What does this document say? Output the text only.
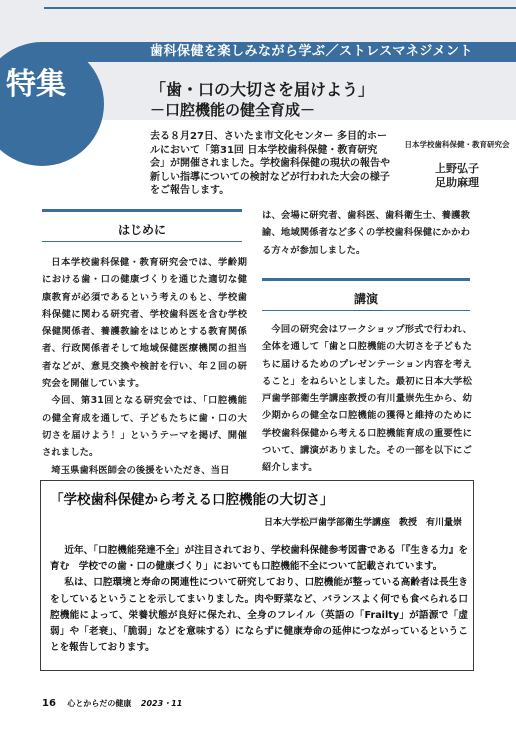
歯科保健を楽しみながら学ぶ／ストレスマネジメント
特集	「歯・口の大切さを届けよう」
－口腔機能の健全育成－
去る８月27日、さいたま市文化センター 多目的ホールにおいて「第31回 日本学校歯科保健・教育研究会」が開催されました。学校歯科保健の現状の報告や新しい指導についての検討などが行われた大会の様子をご報告します。
日本学校歯科保健・教育研究会
上野弘子
足助麻理
はじめに

日本学校歯科保健・教育研究会では、学齢期における歯・口の健康づくりを通じた適切な健康教育が必須であるという考えのもと、学校歯科保健に関わる研究者、学校歯科医を含む学校保健関係者、養護教諭をはじめとする教育関係者、行政関係者そして地域保健医療機関の担当者などが、意見交換や検討を行い、年２回の研究会を開催しています。

今回、第31回となる研究会では、「口腔機能の健全育成を通して、子どもたちに歯・口の大切さを届けよう！」というテーマを掲げ、開催されました。

埼玉県歯科医師会の後援をいただき、当日

は、会場に研究者、歯科医、歯科衛生士、養護教諭、地域関係者など多くの学校歯科保健にかかわる方々が参加しました。
講演

今回の研究会はワークショップ形式で行われ、全体を通して「歯と口腔機能の大切さを子どもたちに届けるためのプレゼンテーション内容を考えること」をねらいとしました。最初に日本大学松戸歯学部衛生学講座教授の有川量崇先生から、幼少期からの健全な口腔機能の獲得と維持のために学校歯科保健から考える口腔機能育成の重要性について、講演がありました。その一部を以下にご紹介します。

「学校歯科保健から考える口腔機能の大切さ」
日本大学松戸歯学部衛生学講座　教授　有川量崇

近年、「口腔機能発達不全」が注目されており、学校歯科保健参考図書である「『生きる力』を育む　学校での歯・口の健康づくり」においても口腔機能不全について記載されています。

私は、口腔環境と寿命の関連性について研究しており、口腔機能が整っている高齢者は長生きをしているということを示してまいりました。肉や野菜など、バランスよく何でも食べられる口腔機能によって、栄養状態が良好に保たれ、全身のフレイル（英語の「Frailty」が語源で「虚弱」や「老衰」、「脆弱」などを意味する）にならずに健康寿命の延伸につながっているということを報告しております。

16 心とからだの健康 2023・11
